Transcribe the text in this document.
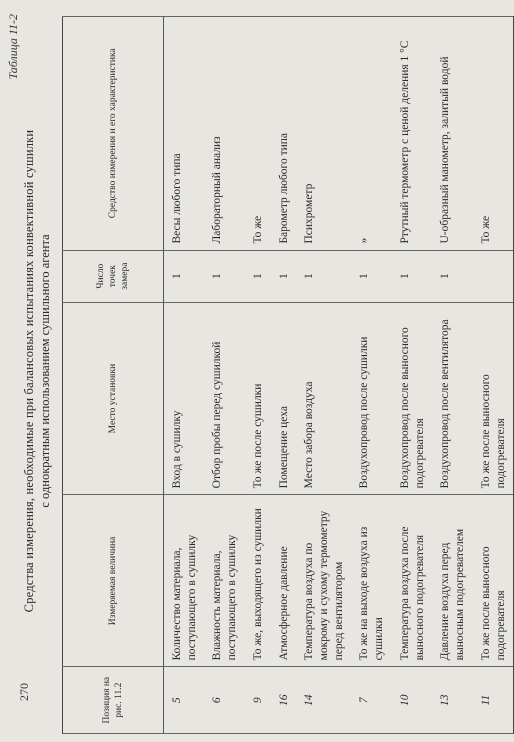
270
Таблица 11-2
Средства измерения, необходимые при балансовых испытаниях конвективной сушилки с однократным использованием сушильного агента
Позиция на рис. 11.2	Измеряемая величина	Место установки	Число точек замера	Средство измерения и его характеристика
5	Количество материала, поступающего в сушилку	Вход в сушилку	1	Весы любого типа
6	Влажность материала, поступающего в сушилку	Отбор пробы перед сушилкой	1	Лабораторный анализ
9	То же, выходящего из сушилки	То же после сушилки	1	То же
16	Атмосферное давление	Помещение цеха	1	Барометр любого типа
14	Температура воздуха по мокрому и сухому термометру перед вентилятором	Место забора воздуха	1	Психрометр
7	То же на выходе воздуха из сушилки	Воздухопровод после сушилки	1	»
10	Температура воздуха после выносного подогревателя	Воздухопровод после выносного подогревателя	1	Ртутный термометр с ценой деления 1 °С
13	Давление воздуха перед выносным подогревателем	Воздухопровод после вентилятора	1	U-образный манометр, залитый водой
11	То же после выносного подогревателя	То же после выносного подогревателя		То же
